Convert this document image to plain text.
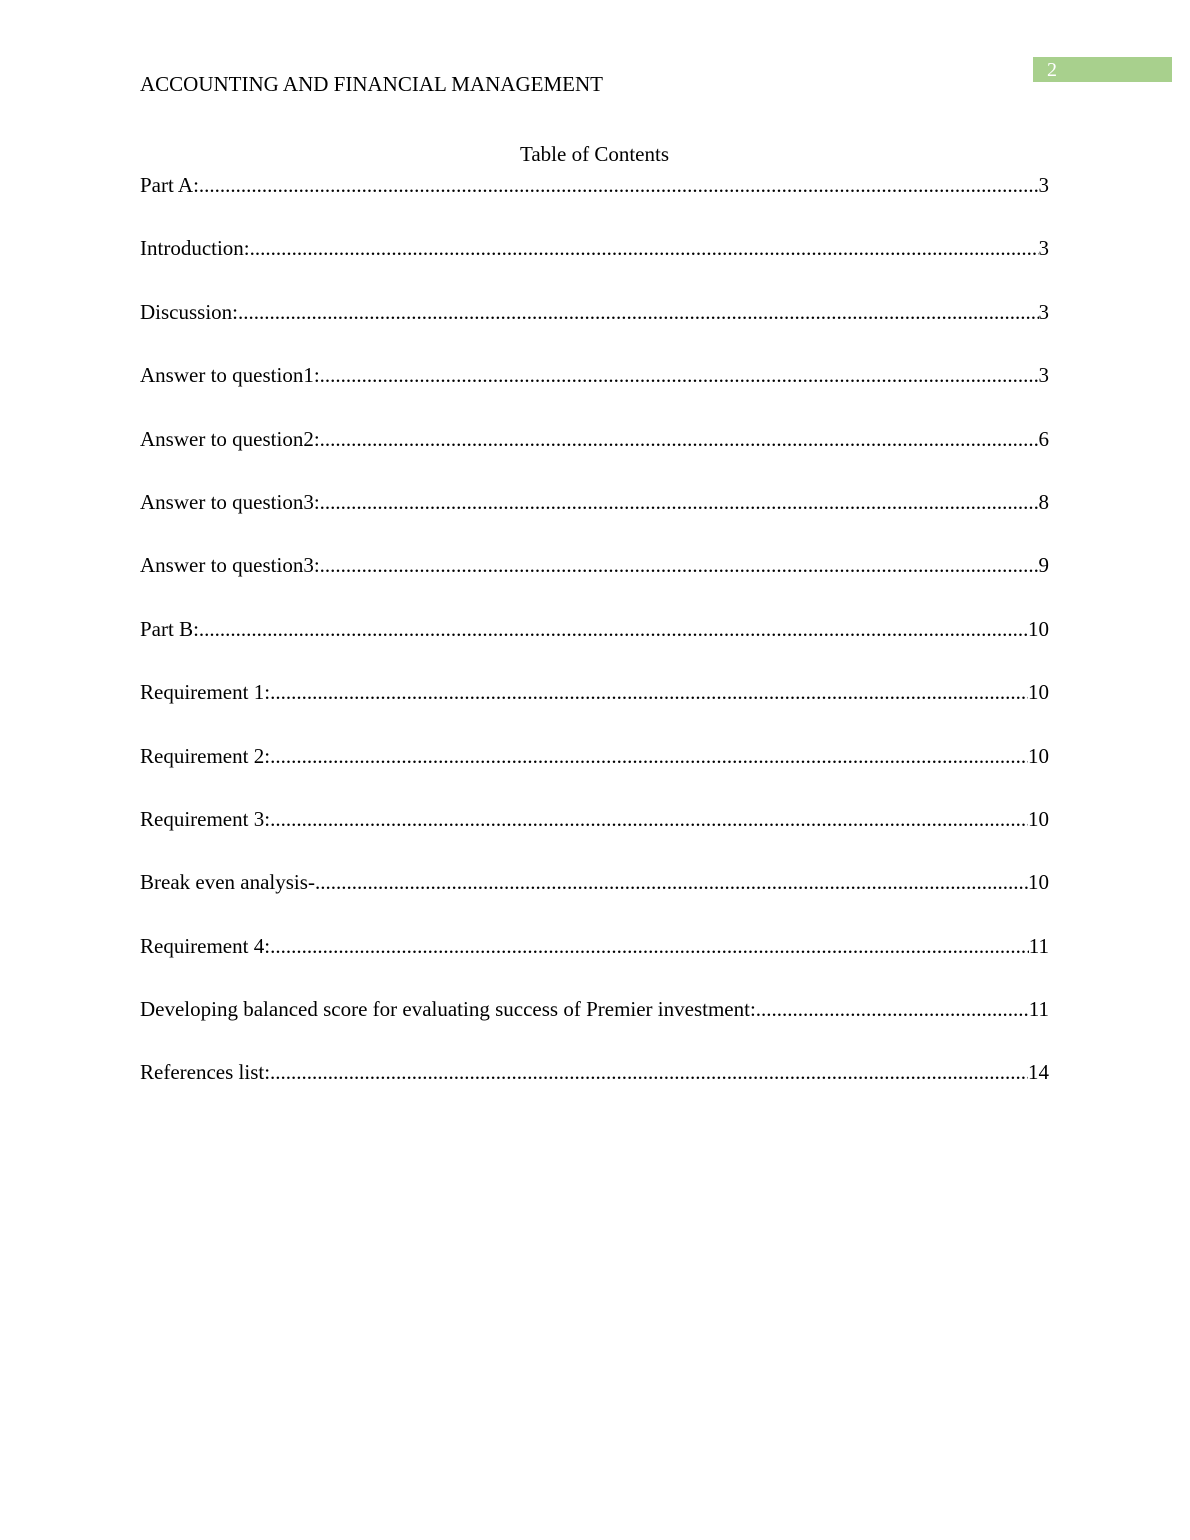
2
ACCOUNTING AND FINANCIAL MANAGEMENT
Table of Contents
Part A: .....	3
Introduction: .....	3
Discussion: .....	3
Answer to question1: .....	3
Answer to question2: .....	6
Answer to question3: .....	8
Answer to question3: .....	9
Part B: .....	10
Requirement 1: .....	10
Requirement 2: .....	10
Requirement 3: .....	10
Break even analysis- .....	10
Requirement 4: .....	11
Developing balanced score for evaluating success of Premier investment: .....	11
References list: .....	14
